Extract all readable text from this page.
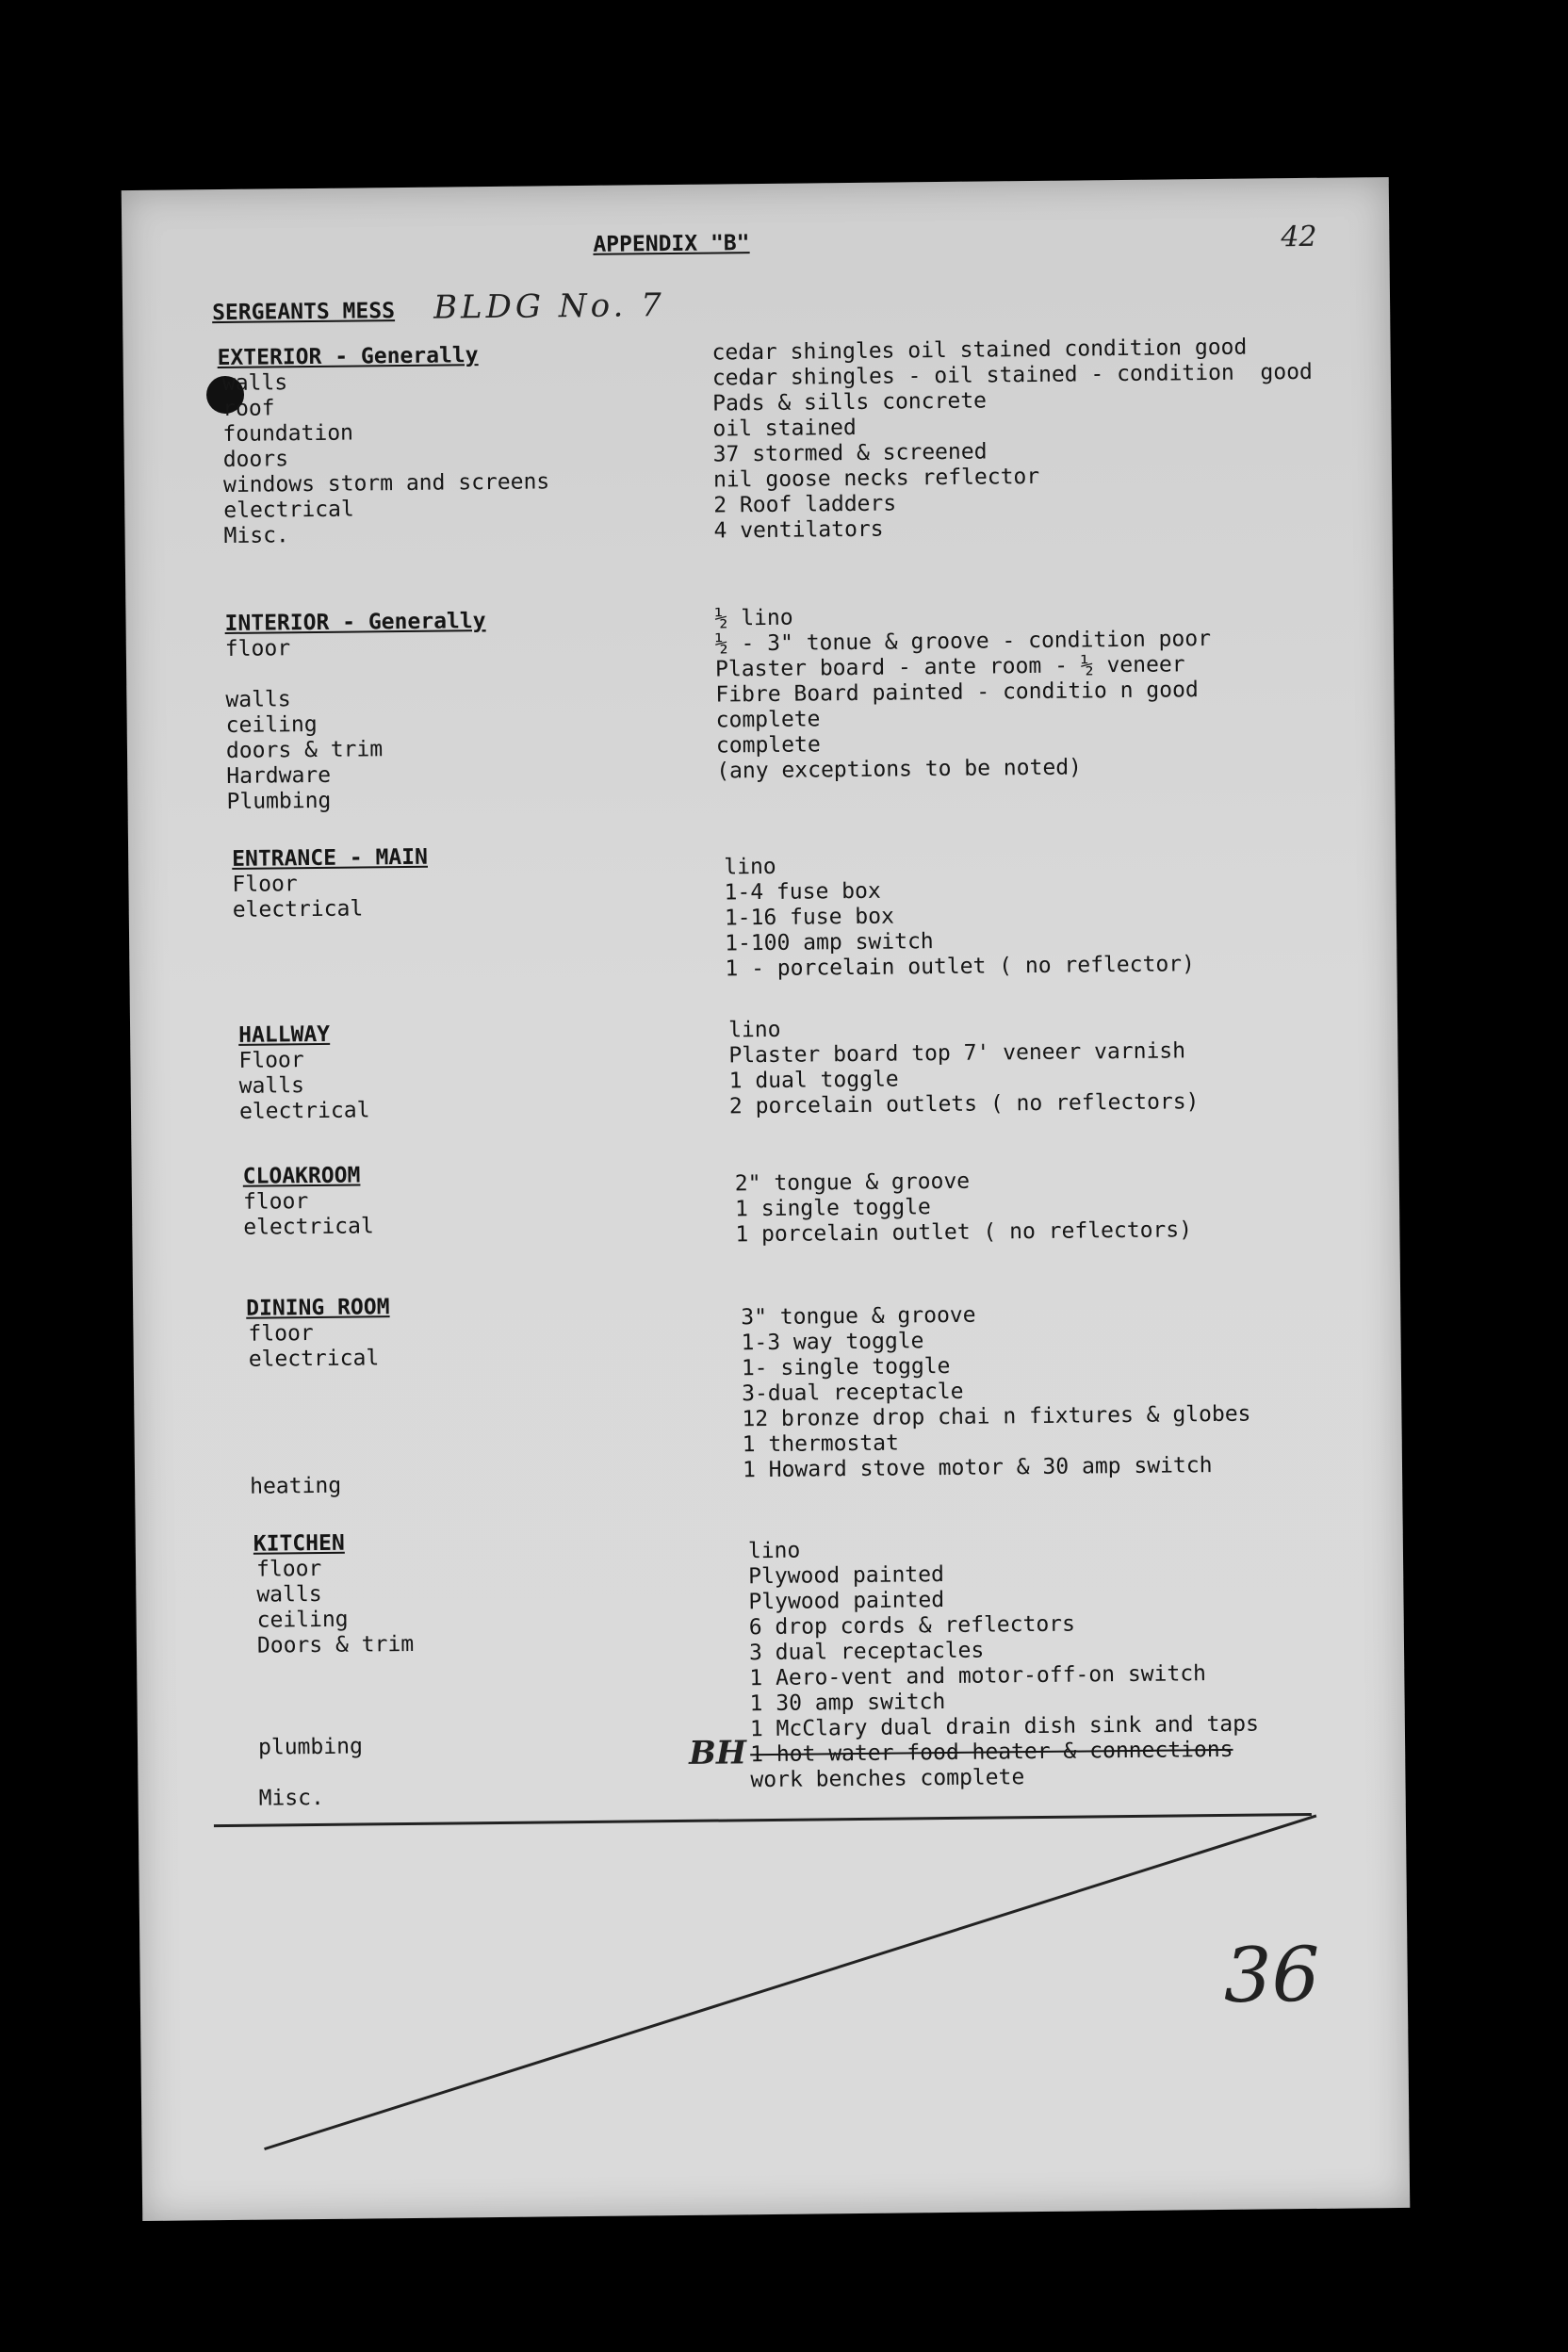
APPENDIX "B"	42
SERGEANTS MESS BLDG No. 7
EXTERIOR - Generally
walls
roof
foundation
doors
windows storm and screens
electrical
Misc.
cedar shingles oil stained condition good
cedar shingles - oil stained - condition  good
Pads & sills concrete
oil stained
37 stormed & screened
nil goose necks reflector
2 Roof ladders
4 ventilators
INTERIOR - Generally
floor

walls
ceiling
doors & trim
Hardware
Plumbing
½ lino
½ - 3" tonue & groove - condition poor
Plaster board - ante room - ½ veneer
Fibre Board painted - conditio n good
complete
complete
(any exceptions to be noted)
ENTRANCE - MAIN
Floor
electrical
lino
1-4 fuse box
1-16 fuse box
1-100 amp switch
1 - porcelain outlet ( no reflector)
HALLWAY
Floor
walls
electrical
lino
Plaster board top 7' veneer varnish
1 dual toggle
2 porcelain outlets ( no reflectors)
CLOAKROOM
floor
electrical
2" tongue & groove
1 single toggle
1 porcelain outlet ( no reflectors)
DINING ROOM
floor
electrical

heating
3" tongue & groove
1-3 way toggle
1- single toggle
3-dual receptacle
12 bronze drop chai n fixtures & globes
1 thermostat
1 Howard stove motor & 30 amp switch
KITCHEN
floor
walls
ceiling
Doors & trim

plumbing

Misc.
lino
Plywood painted
Plywood painted
6 drop cords & reflectors
3 dual receptacles
1 Aero-vent and motor-off-on switch
1 30 amp switch
1 McClary dual drain dish sink and taps
1 hot water food heater & connections
work benches complete
BH
36
